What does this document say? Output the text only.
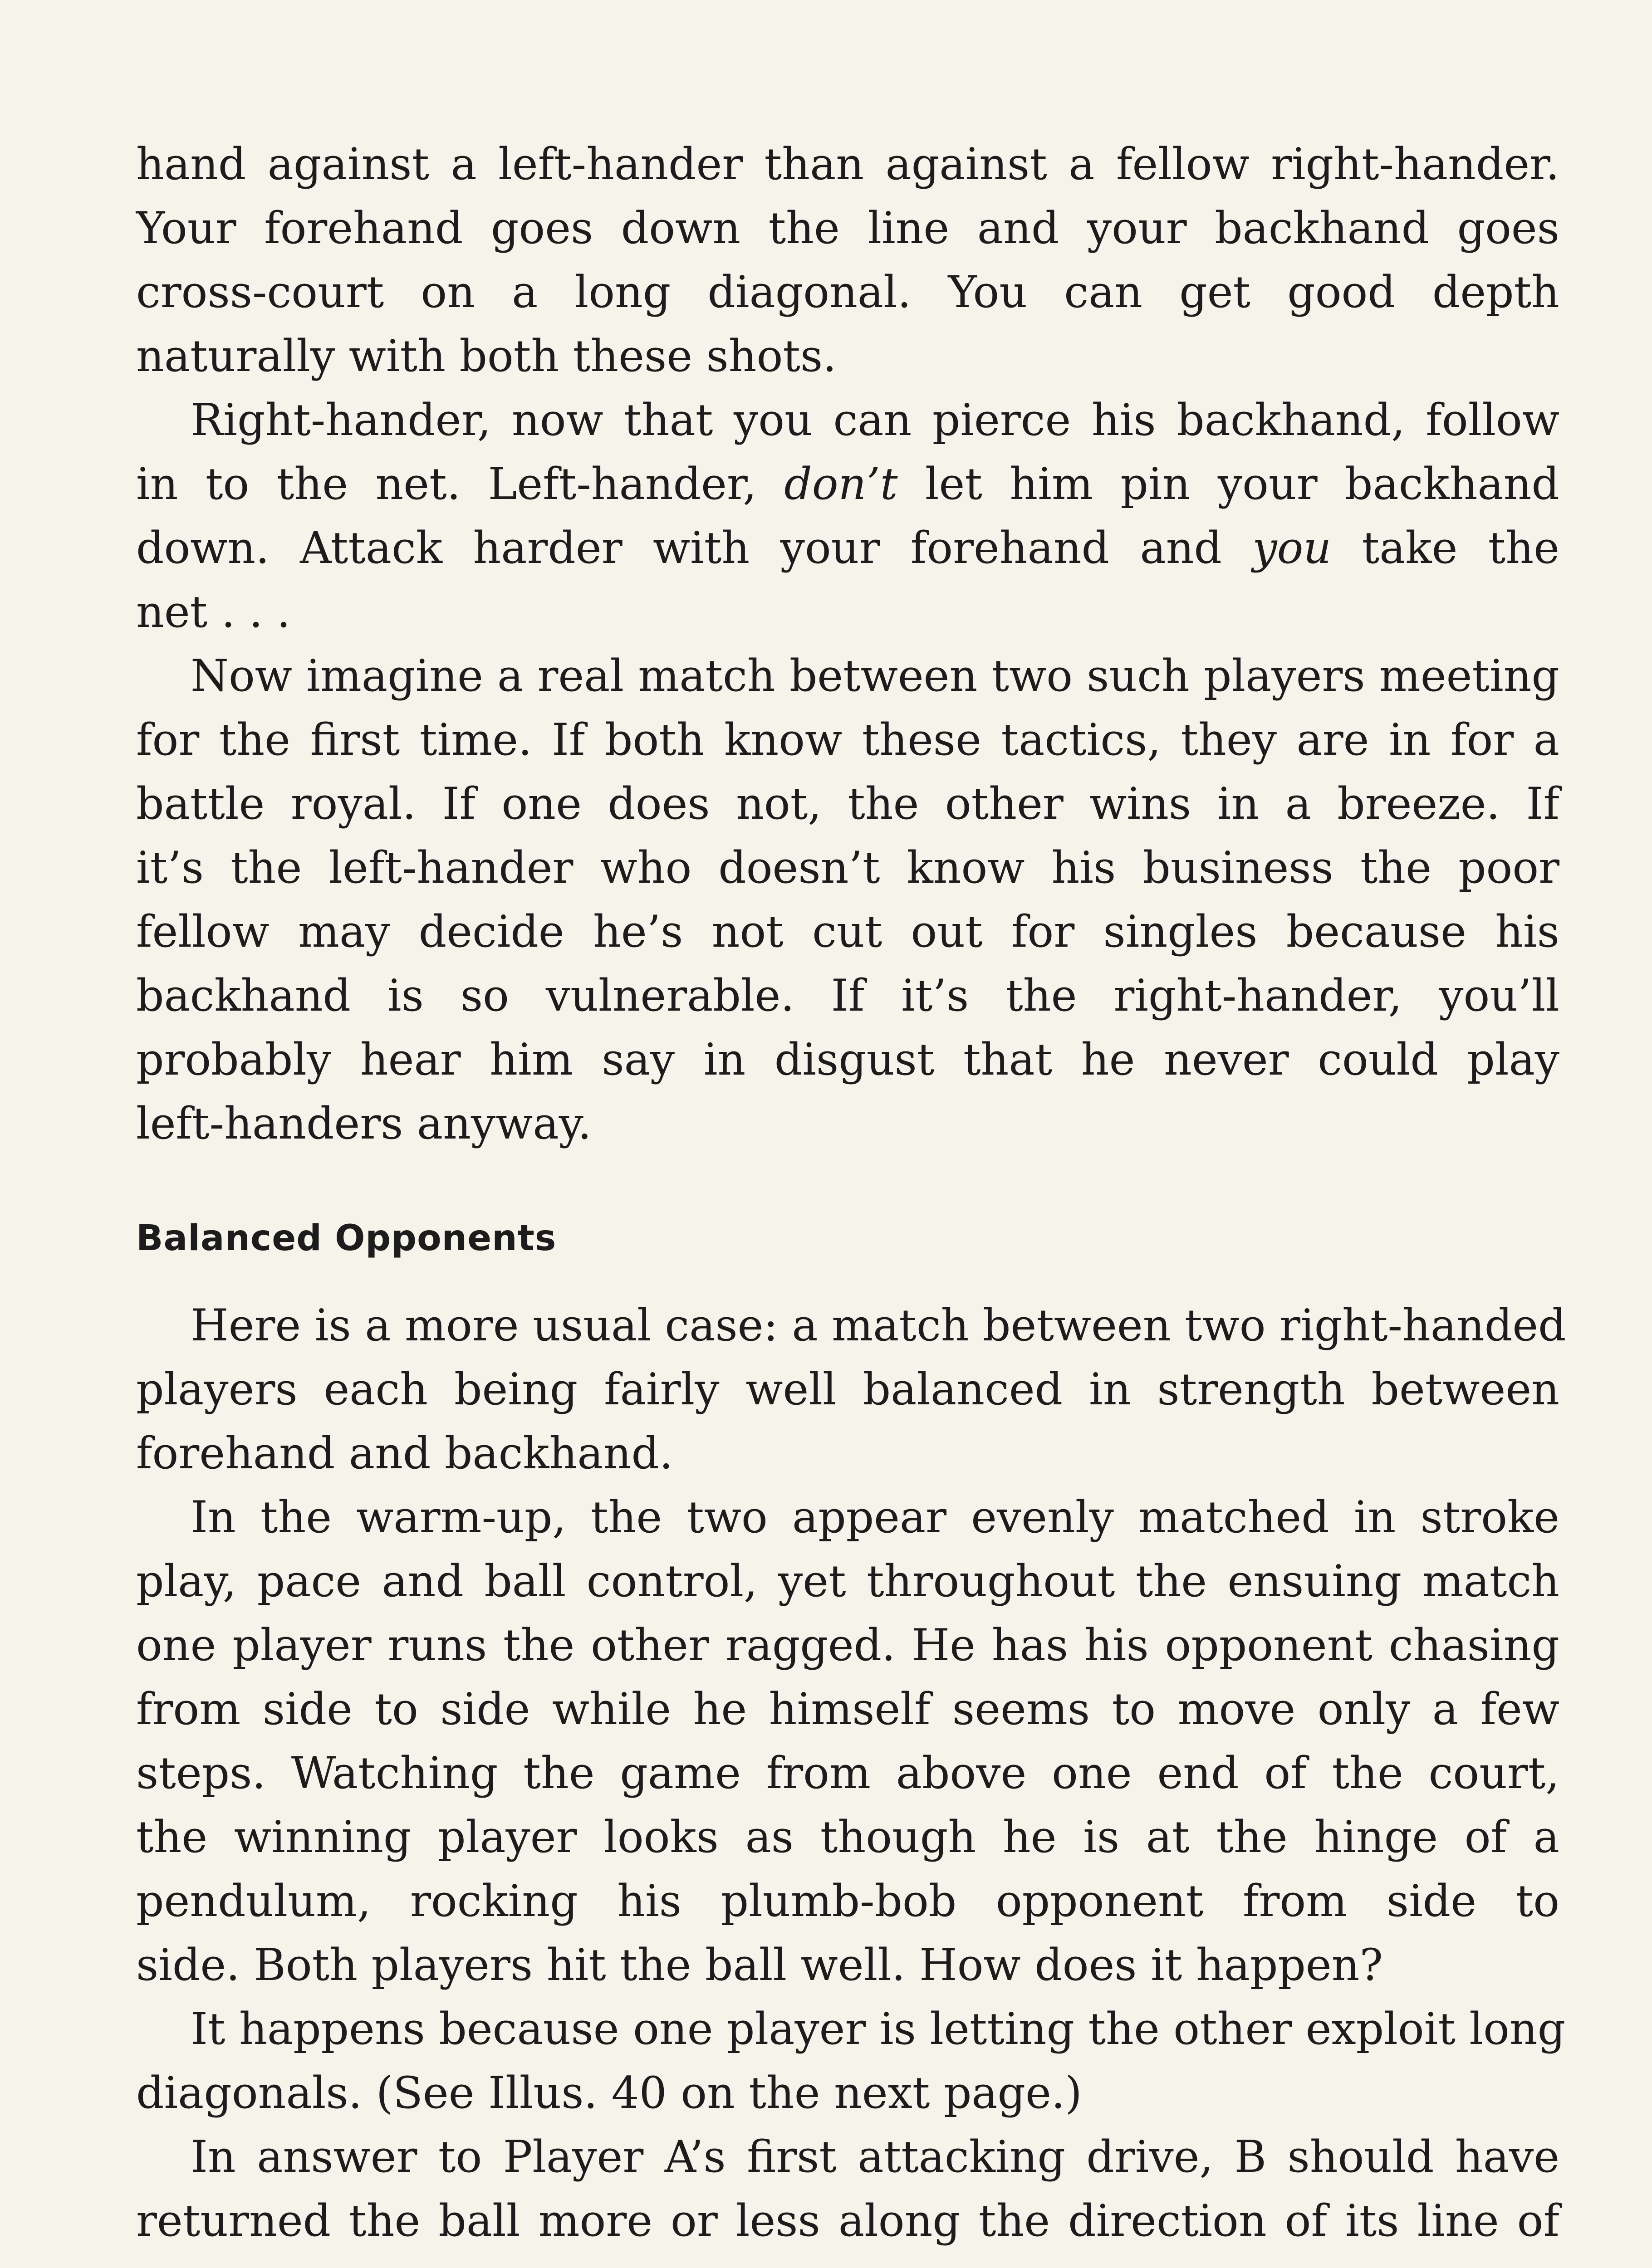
hand against a left-hander than against a fellow right-hander.
Your forehand goes down the line and your backhand goes
cross-court on a long diagonal. You can get good depth
naturally with both these shots.
Right-hander, now that you can pierce his backhand, follow
in to the net. Left-hander, don’t let him pin your backhand
down. Attack harder with your forehand and you take the
net . . .
Now imagine a real match between two such players meeting
for the first time. If both know these tactics, they are in for a
battle royal. If one does not, the other wins in a breeze. If
it’s the left-hander who doesn’t know his business the poor
fellow may decide he’s not cut out for singles because his
backhand is so vulnerable. If it’s the right-hander, you’ll
probably hear him say in disgust that he never could play
left-handers anyway.
Balanced Opponents
Here is a more usual case: a match between two right-handed
players each being fairly well balanced in strength between
forehand and backhand.
In the warm-up, the two appear evenly matched in stroke
play, pace and ball control, yet throughout the ensuing match
one player runs the other ragged. He has his opponent chasing
from side to side while he himself seems to move only a few
steps. Watching the game from above one end of the court,
the winning player looks as though he is at the hinge of a
pendulum, rocking his plumb-bob opponent from side to
side. Both players hit the ball well. How does it happen?
It happens because one player is letting the other exploit long
diagonals. (See Illus. 40 on the next page.)
In answer to Player A’s first attacking drive, B should have
returned the ball more or less along the direction of its line of
